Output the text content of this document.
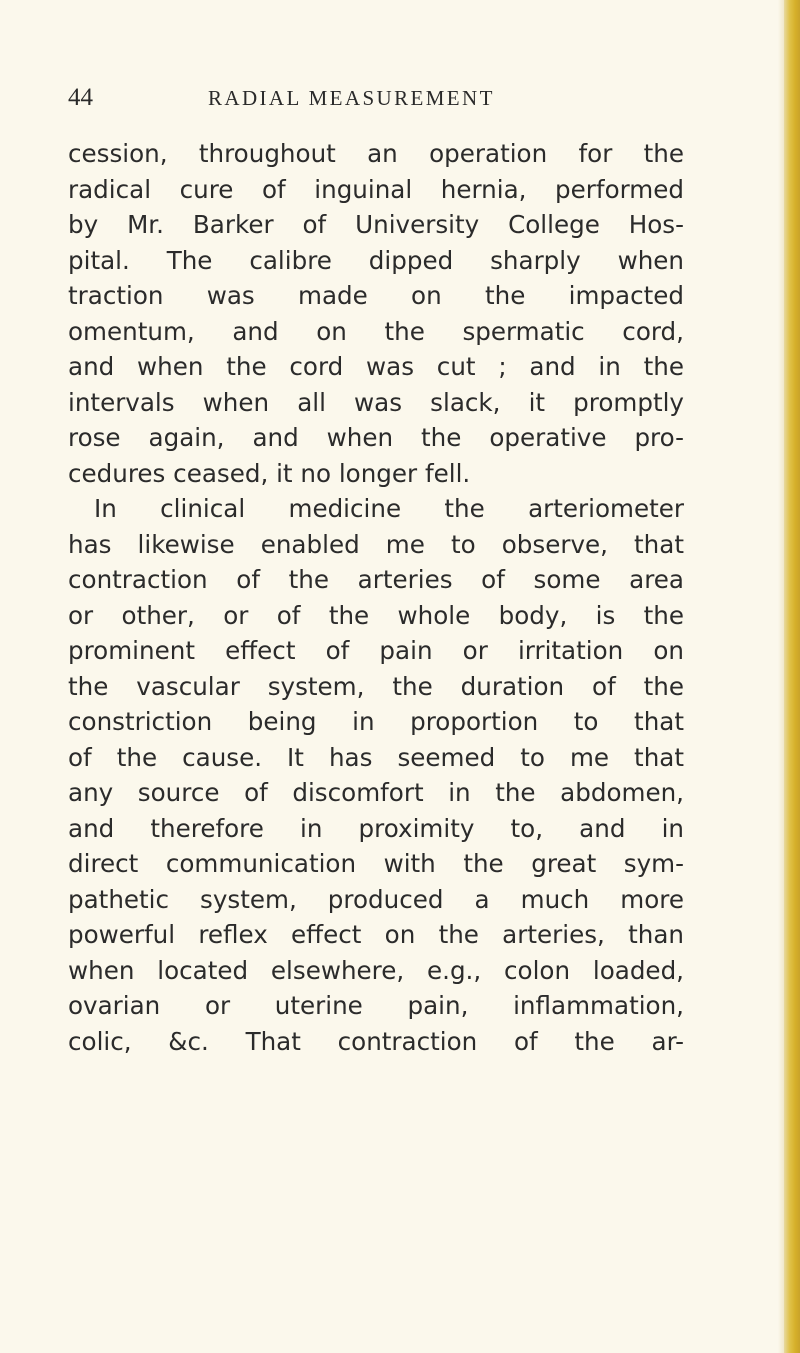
44	RADIAL MEASUREMENT
cession, throughout an operation for the
radical cure of inguinal hernia, performed
by Mr. Barker of University College Hos-
pital. The calibre dipped sharply when
traction was made on the impacted
omentum, and on the spermatic cord,
and when the cord was cut ; and in the
intervals when all was slack, it promptly
rose again, and when the operative pro-
cedures ceased, it no longer fell.
In clinical medicine the arteriometer
has likewise enabled me to observe, that
contraction of the arteries of some area
or other, or of the whole body, is the
prominent effect of pain or irritation on
the vascular system, the duration of the
constriction being in proportion to that
of the cause. It has seemed to me that
any source of discomfort in the abdomen,
and therefore in proximity to, and in
direct communication with the great sym-
pathetic system, produced a much more
powerful reflex effect on the arteries, than
when located elsewhere, e.g., colon loaded,
ovarian or uterine pain, inflammation,
colic, &c. That contraction of the ar-
